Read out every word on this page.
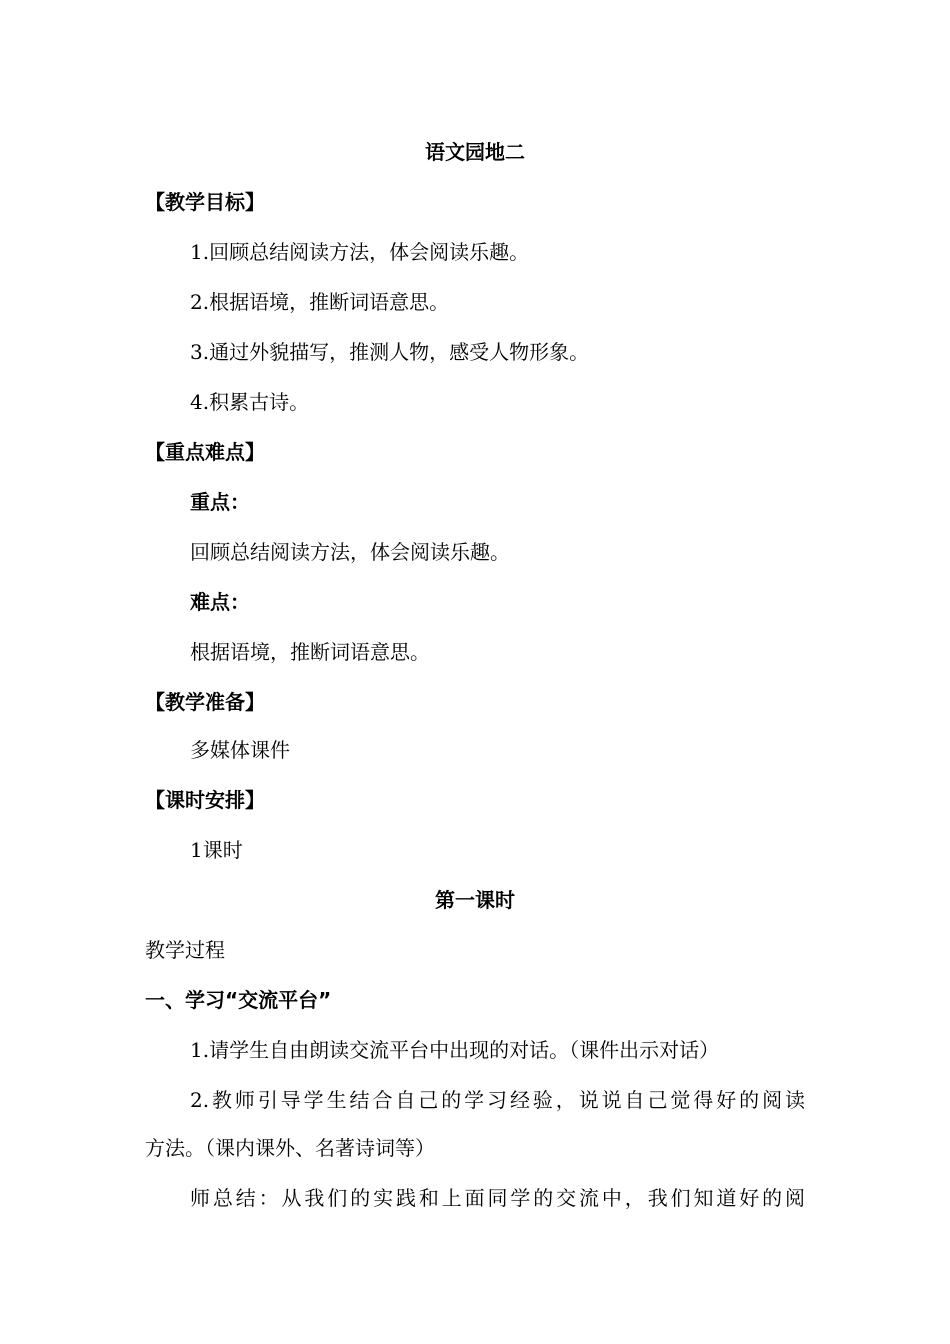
语文园地二
【教学目标】
1.回顾总结阅读方法，体会阅读乐趣。
2.根据语境，推断词语意思。
3.通过外貌描写，推测人物，感受人物形象。
4.积累古诗。
【重点难点】
重点：
回顾总结阅读方法，体会阅读乐趣。
难点：
根据语境，推断词语意思。
【教学准备】
多媒体课件
【课时安排】
1课时
第一课时
教学过程
一、学习“交流平台”
1.请学生自由朗读交流平台中出现的对话。（课件出示对话）
2.教师引导学生结合自己的学习经验，说说自己觉得好的阅读
方法。（课内课外、名著诗词等）
师总结：从我们的实践和上面同学的交流中，我们知道好的阅
